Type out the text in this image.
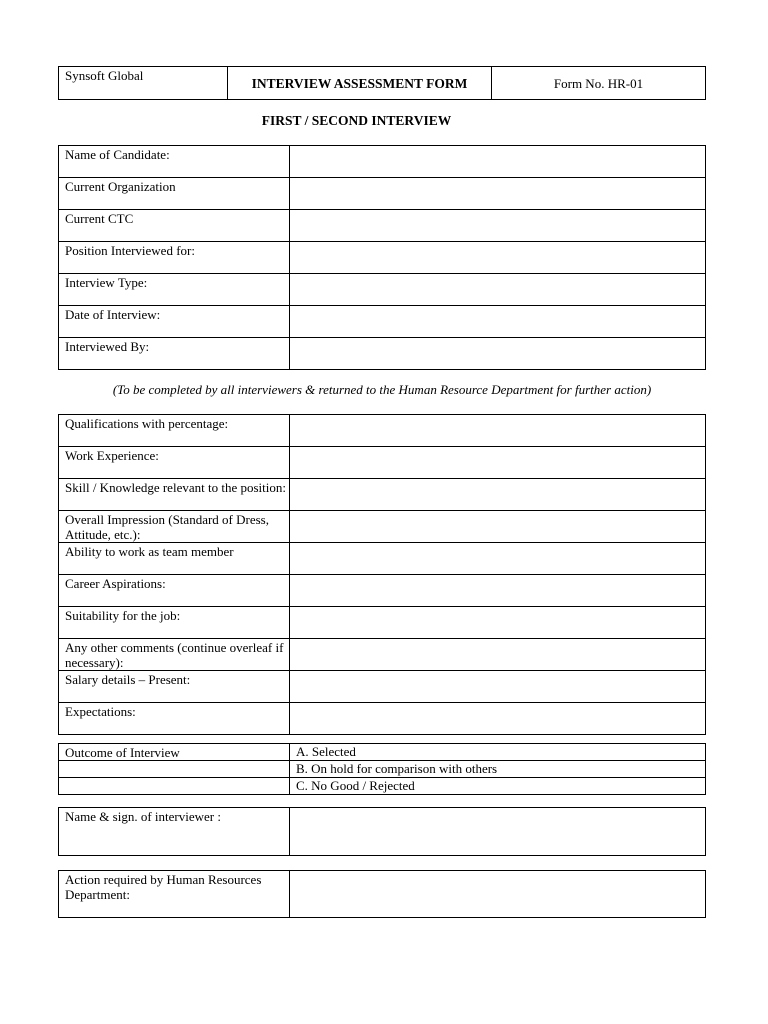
Synsoft Global	INTERVIEW ASSESSMENT FORM	Form No. HR-01
FIRST / SECOND INTERVIEW
Name of Candidate:	
Current Organization	
Current CTC	
Position Interviewed for:	
Interview Type:	
Date of Interview:	
Interviewed By:	
(To be completed by all interviewers & returned to the Human Resource Department for further action)
Qualifications with percentage:	
Work Experience:	
Skill / Knowledge relevant to the position:	
Overall Impression (Standard of Dress, Attitude, etc.):	
Ability to work as team member	
Career Aspirations:	
Suitability for the job:	
Any other comments (continue overleaf if necessary):	
Salary details – Present:	
Expectations:	
Outcome of Interview	A. Selected
	B. On hold for comparison with others
	C. No Good / Rejected
Name & sign. of interviewer :	
Action required by Human Resources Department:	
